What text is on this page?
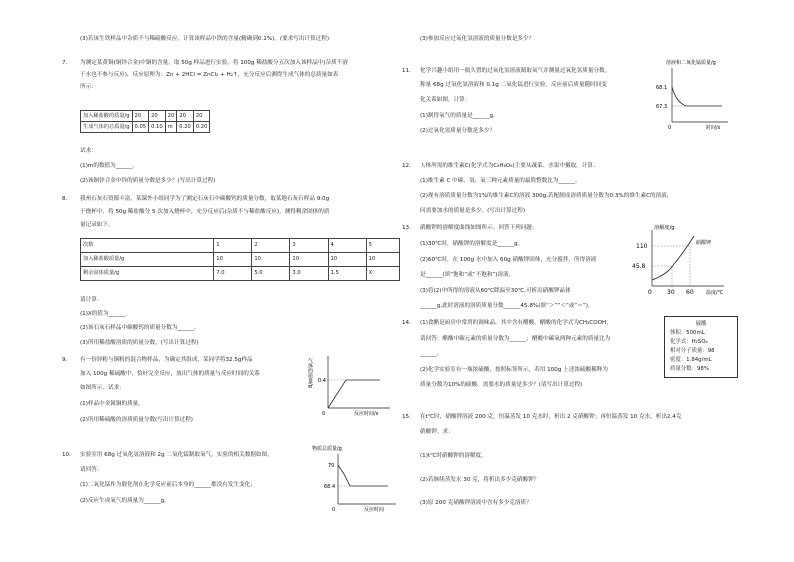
(3)若该生铁样品中杂质不与稀硫酸反应，计算该样品中铁的含量(精确到0.1%)。(要求写出计算过程)
7. 为测定某黄铜(铜锌合金)中铜的含量，取 50g 样品进行实验，将 100g 稀盐酸分五次加入该样品中(杂质不溶
于水也不参与反应)，反应原理为：Zn + 2HCl = ZnCl₂ + H₂↑，充分反应后测得生成气体的总质量如表
所示：
加入稀盐酸的质量/g	20	20	20	20	20
生成气体的总质量/g	0.05	0.10	m	0.20	0.20
试求：
(1)m的数值为______。
(2)该铜锌合金中锌的质量分数是多少？(写出计算过程)
8. 我州石灰石资源丰富，某课外小组同学为了测定石灰石中碳酸钙的质量分数，取某地石灰石样品 9.0g
于烧杯中，将 50g 稀盐酸分 5 次加入烧杯中，充分反应后(杂质不与稀盐酸反应)，测得剩余固体的质
量记录如下。
次数	1	2	3	4	5
加入稀盐酸质量/g	10	10	10	10	10
剩余固体质量/g	7.0	5.0	3.0	1.5	X
请计算：
(1)X的值为______。
(2)该石灰石样品中碳酸钙的质量分数为______。
(3)所用稀盐酸溶质的质量分数。(写出计算过程)
9. 有一份锌粉与铜粉的混合物样品，为确定其组成，某同学将32.5g样品
加入 100g 稀硫酸中，恰好完全反应，放出气体的质量与反应时间的关系
如图所示。试求：
(1)样品中金属铜的质量。
(2)所用稀硫酸的溶质质量分数(写出计算过程)
气体的质量/g 0.4
0	反应时间/s
10. 实验室用 68g 过氧化氢溶液和 2g 二氧化锰制取氧气，实验的相关数据如图。
请回答：
(1)二氧化锰作为催化剂在化学反应前后本身的______都没有发生变化；
(2)反应生成氧气的质量为______g。
物质总质量/g
70
68.4
0	反应时间
(3)参加反应过氧化氢溶液的质量分数是多少？
11. 化学兴趣小组用一瓶久置的过氧化氢溶液制取氧气并测量过氧化氢质量分数。
称量 68g 过氧化氢溶液和 0.1g 二氧化锰进行实验，反应前后质量随时间变
化关系如图，计算：
(1)制得氧气的质量是______g。
(2)过氧化氢质量分数是多少？
溶液和二氧化锰质量/g
68.1
67.3
0	时间/s
12. 人体所需的维生素C(化学式为C₆H₈O₆)主要从蔬菜、水果中摄取，计算：
(1)维生素 C 中碳、氢、氧三种元素质量的最简整数比为______。
(2)现有溶质质量分数为1%的维生素C的溶液 300g,若配制成溶质质量分数为0.3%的维生素C的溶液，
问需要加水的质量是多少。(写出计算过程)
13. 硝酸钾的溶解度曲线如图所示。回答下列问题：
(1)30℃时，硝酸钾的溶解度是______g。
(2)60℃时，在 100g 水中加入 60g 硝酸钾固体，充分搅拌，所得溶液
是______(填“饱和”或“不饱和”)溶液。
(3)将(2)中所得的溶液从60℃降温至30℃,可析出硝酸钾晶体
______g,此时溶液的溶质质量分数______45.8%(填“＞”“＜”或“＝”)。
溶解度/g
110
45.8
硝酸钾
0	30 60 温度/℃
14. (1)食醋是厨房中常用的调味品，其中含有醋酸。醋酸的化学式为CH₃COOH，
请回答：醋酸中碳元素的质量分数为______；醋酸中碳氧两种元素的质量比为
______。
(2)化学实验室有一瓶浓硫酸，按照标签所示，若用 100g 上述浓硫酸稀释为
质量分数为10%的硫酸，需要水的质量是多少？(请写出计算过程)
硫酸
体积：500mL
化学式：H₂SO₄
相对分子质量：98
密度：1.84g/mL
质量分数：98%
15. 在t℃时，硝酸钾溶液 200 克，恒温蒸发 10 克水时，析出 2 克硝酸钾；再恒温蒸发 10 克水，析出2.4克
硝酸钾。求：
(1)t℃时硝酸钾的溶解度。
(2)若继续蒸发水 30 克，将析出多少克硝酸钾？
(3)原 200 克硝酸钾溶液中含有多少克溶质？
